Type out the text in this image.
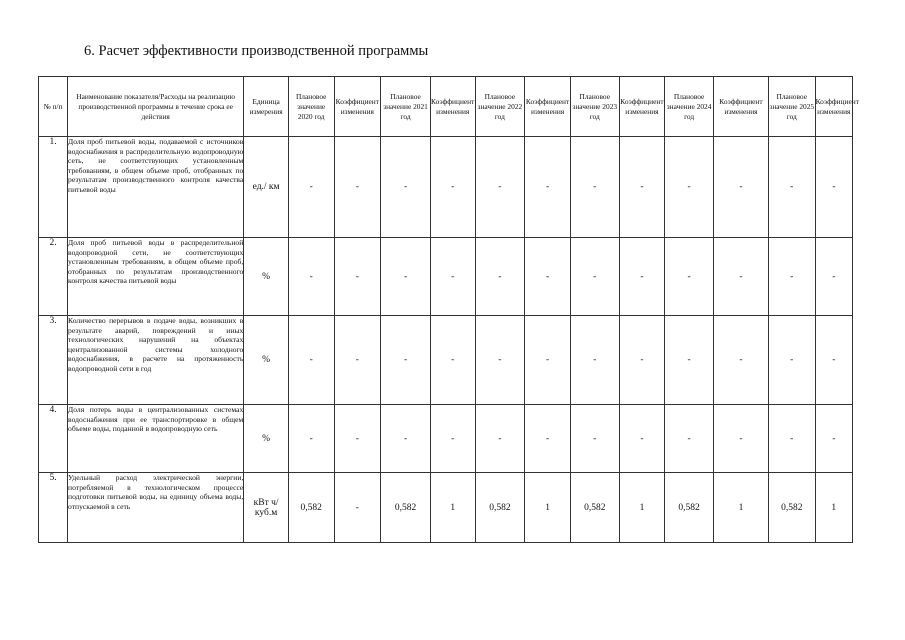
6. Расчет эффективности производственной программы
№ п/п	Наименование показателя/Расходы на реализацию производственной программы в течение срока ее действия	Единица измерения	Плановое значение 2020 год	Коэффициент изменения	Плановое значение 2021 год	Коэффициент изменения	Плановое значение 2022 год	Коэффициент изменения	Плановое значение 2023 год	Коэффициент изменения	Плановое значение 2024 год	Коэффициент изменения	Плановое значение 2025 год	Коэффициент изменения
1.	Доля проб питьевой воды, подаваемой с источников водоснабжения в распределительную водопроводную сеть, не соответствующих установленным требованиям, в общем объеме проб, отобранных по результатам производственного контроля качества питьевой воды	ед./ км	-	-	-	-	-	-	-	-	-	-	-	-
2.	Доля проб питьевой воды в распределительной водопроводной сети, не соответствующих установленным требованиям, в общем объеме проб, отобранных по результатам производственного контроля качества питьевой воды	%	-	-	-	-	-	-	-	-	-	-	-	-
3.	Количество перерывов в подаче воды, возникших в результате аварий, повреждений и иных технологических нарушений на объектах централизованной системы холодного водоснабжения, в расчете на протяженность водопроводной сети в год	%	-	-	-	-	-	-	-	-	-	-	-	-
4.	Доля потерь воды в централизованных системах водоснабжения при ее транспортировке в общем объеме воды, поданной в водопроводную сеть	%	-	-	-	-	-	-	-	-	-	-	-	-
5.	Удельный расход электрической энергии, потребляемой в технологическом процессе подготовки питьевой воды, на единицу объема воды, отпускаемой в сеть	кВт ч/куб.м	0,582	-	0,582	1	0,582	1	0,582	1	0,582	1	0,582	1
